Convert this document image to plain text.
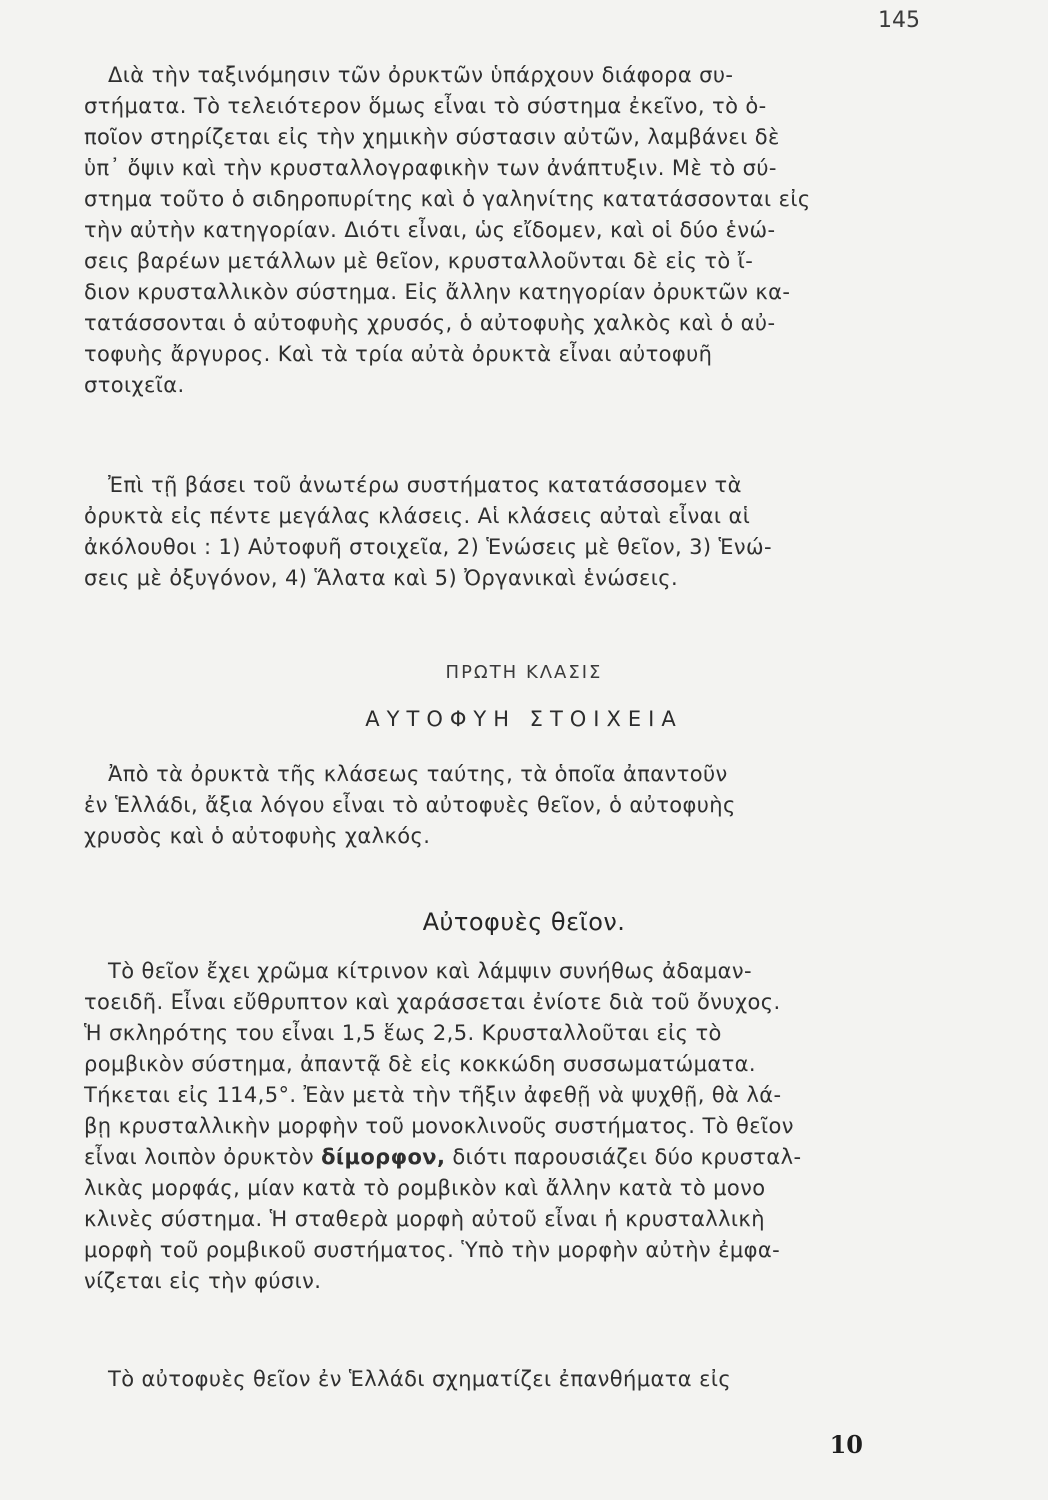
145
Διὰ τὴν ταξινόμησιν τῶν ὀρυκτῶν ὑπάρχουν διάφορα συ-
στήματα. Τὸ τελειότερον ὅμως εἶναι τὸ σύστημα ἐκεῖνο, τὸ ὁ-
ποῖον στηρίζεται εἰς τὴν χημικὴν σύστασιν αὐτῶν, λαμβάνει δὲ
ὑπ᾽ ὄψιν καὶ τὴν κρυσταλλογραφικὴν των ἀνάπτυξιν. Μὲ τὸ σύ-
στημα τοῦτο ὁ σιδηροπυρίτης καὶ ὁ γαληνίτης κατατάσσονται εἰς
τὴν αὐτὴν κατηγορίαν. Διότι εἶναι, ὡς εἴδομεν, καὶ οἱ δύο ἑνώ-
σεις βαρέων μετάλλων μὲ θεῖον, κρυσταλλοῦνται δὲ εἰς τὸ ἴ-
διον κρυσταλλικὸν σύστημα. Εἰς ἄλλην κατηγορίαν ὀρυκτῶν κα-
τατάσσονται ὁ αὐτοφυὴς χρυσός, ὁ αὐτοφυὴς χαλκὸς καὶ ὁ αὐ-
τοφυὴς ἄργυρος. Καὶ τὰ τρία αὐτὰ ὀρυκτὰ εἶναι αὐτοφυῆ
στοιχεῖα.
Ἐπὶ τῇ βάσει τοῦ ἀνωτέρω συστήματος κατατάσσομεν τὰ
ὀρυκτὰ εἰς πέντε μεγάλας κλάσεις. Αἱ κλάσεις αὐταὶ εἶναι αἱ
ἀκόλουθοι : 1) Αὐτοφυῆ στοιχεῖα, 2) Ἑνώσεις μὲ θεῖον, 3) Ἑνώ-
σεις μὲ ὀξυγόνον, 4) Ἅλατα καὶ 5) Ὀργανικαὶ ἑνώσεις.
ΠΡΩΤΗ ΚΛΑΣΙΣ
ΑΥΤΟΦΥΗ ΣΤΟΙΧΕΙΑ
Ἀπὸ τὰ ὀρυκτὰ τῆς κλάσεως ταύτης, τὰ ὁποῖα ἀπαντοῦν
ἐν Ἑλλάδι, ἄξια λόγου εἶναι τὸ αὐτοφυὲς θεῖον, ὁ αὐτοφυὴς
χρυσὸς καὶ ὁ αὐτοφυὴς χαλκός.
Αὐτοφυὲς θεῖον.
Τὸ θεῖον ἔχει χρῶμα κίτρινον καὶ λάμψιν συνήθως ἀδαμαν-
τοειδῆ. Εἶναι εὔθρυπτον καὶ χαράσσεται ἐνίοτε διὰ τοῦ ὄνυχος.
Ἡ σκληρότης του εἶναι 1,5 ἕως 2,5. Κρυσταλλοῦται εἰς τὸ
ρομβικὸν σύστημα, ἀπαντᾷ δὲ εἰς κοκκώδη συσσωματώματα.
Τήκεται εἰς 114,5°. Ἐὰν μετὰ τὴν τῆξιν ἀφεθῇ νὰ ψυχθῇ, θὰ λά-
βῃ κρυσταλλικὴν μορφὴν τοῦ μονοκλινοῦς συστήματος. Τὸ θεῖον
εἶναι λοιπὸν ὀρυκτὸν δίμορφον, διότι παρουσιάζει δύο κρυσταλ-
λικὰς μορφάς, μίαν κατὰ τὸ ρομβικὸν καὶ ἄλλην κατὰ τὸ μονο
κλινὲς σύστημα. Ἡ σταθερὰ μορφὴ αὐτοῦ εἶναι ἡ κρυσταλλικὴ
μορφὴ τοῦ ρομβικοῦ συστήματος. Ὑπὸ τὴν μορφὴν αὐτὴν ἐμφα-
νίζεται εἰς τὴν φύσιν.
Τὸ αὐτοφυὲς θεῖον ἐν Ἑλλάδι σχηματίζει ἐπανθήματα εἰς
10
